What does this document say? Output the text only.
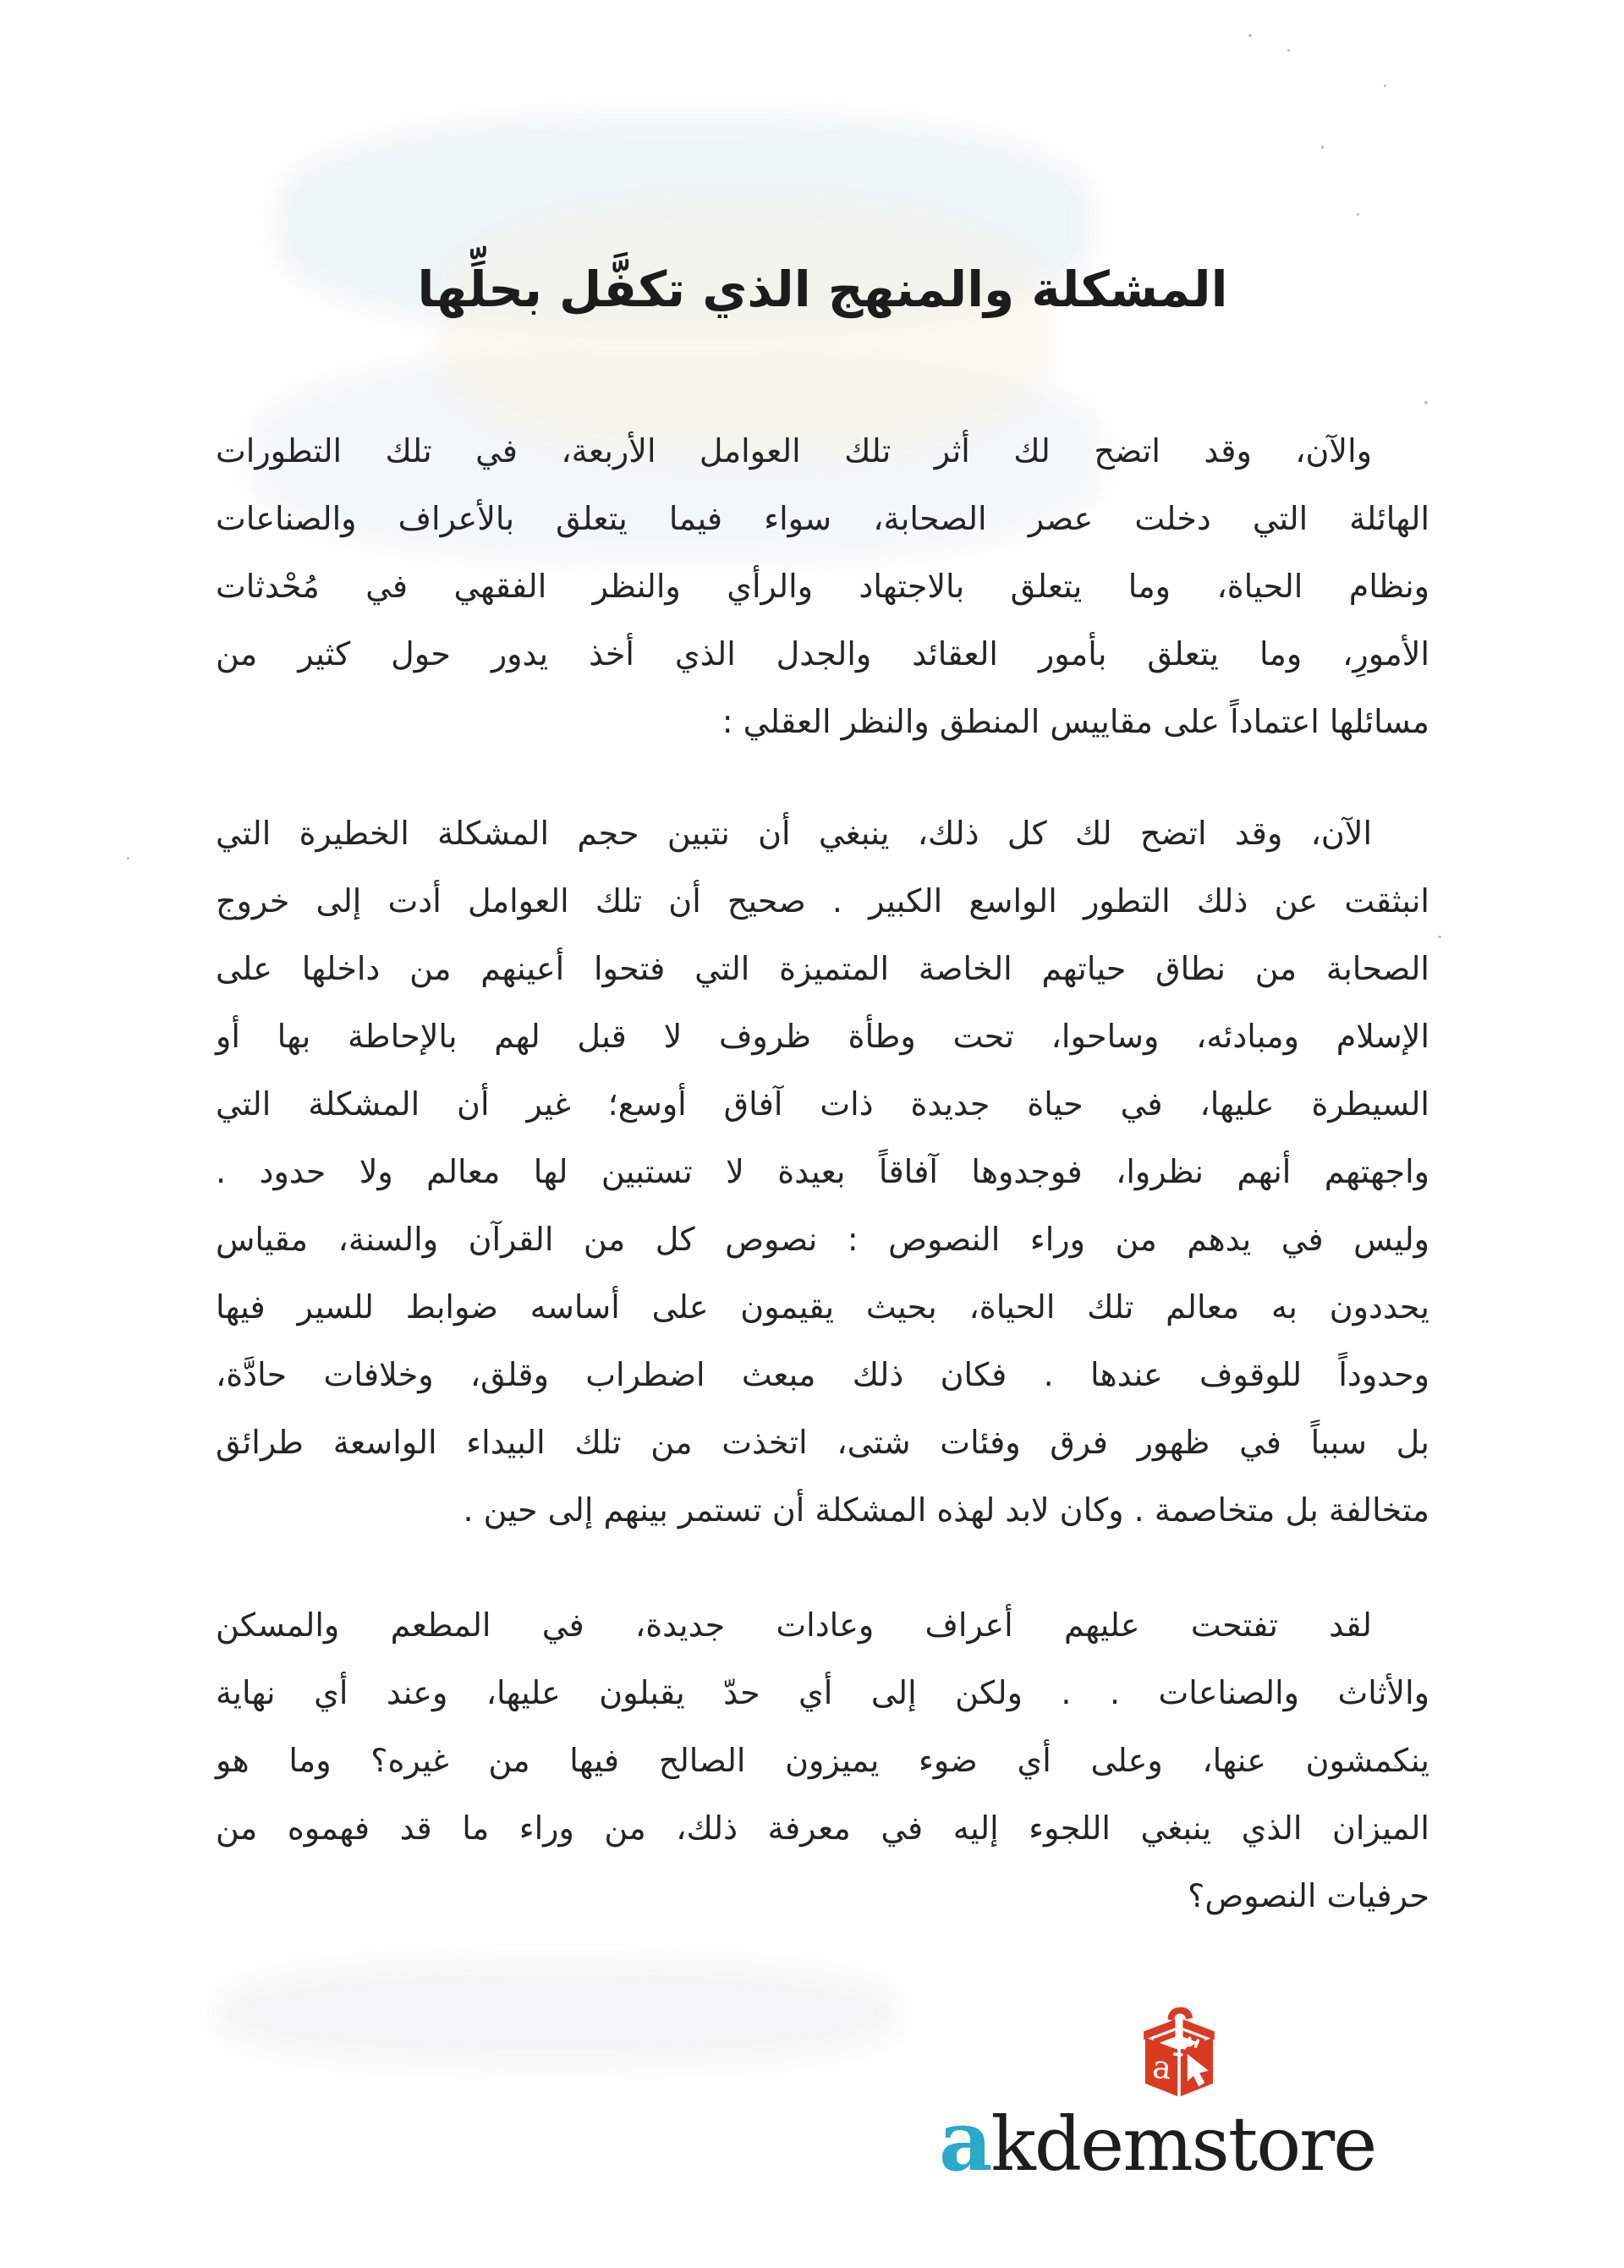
المشكلة والمنهج الذي تكفَّل بحلِّها
والآن، وقد اتضح لك أثر تلك العوامل الأربعة، في تلك التطورات
الهائلة التي دخلت عصر الصحابة، سواء فيما يتعلق بالأعراف والصناعات
ونظام الحياة، وما يتعلق بالاجتهاد والرأي والنظر الفقهي في مُحْدثات
الأمورِ، وما يتعلق بأمور العقائد والجدل الذي أخذ يدور حول كثير من
مسائلها اعتماداً على مقاييس المنطق والنظر العقلي :
الآن، وقد اتضح لك كل ذلك، ينبغي أن نتبين حجم المشكلة الخطيرة التي
انبثقت عن ذلك التطور الواسع الكبير . صحيح أن تلك العوامل أدت إلى خروج
الصحابة من نطاق حياتهم الخاصة المتميزة التي فتحوا أعينهم من داخلها على
الإسلام ومبادئه، وساحوا، تحت وطأة ظروف لا قبل لهم بالإحاطة بها أو
السيطرة عليها، في حياة جديدة ذات آفاق أوسع؛ غير أن المشكلة التي
واجهتهم أنهم نظروا، فوجدوها آفاقاً بعيدة لا تستبين لها معالم ولا حدود .
وليس في يدهم من وراء النصوص : نصوص كل من القرآن والسنة، مقياس
يحددون به معالم تلك الحياة، بحيث يقيمون على أساسه ضوابط للسير فيها
وحدوداً للوقوف عندها . فكان ذلك مبعث اضطراب وقلق، وخلافات حادَّة،
بل سبباً في ظهور فرق وفئات شتى، اتخذت من تلك البيداء الواسعة طرائق
متخالفة بل متخاصمة . وكان لابد لهذه المشكلة أن تستمر بينهم إلى حين .
لقد تفتحت عليهم أعراف وعادات جديدة، في المطعم والمسكن
والأثاث والصناعات . . ولكن إلى أي حدّ يقبلون عليها، وعند أي نهاية
ينكمشون عنها، وعلى أي ضوء يميزون الصالح فيها من غيره؟ وما هو
الميزان الذي ينبغي اللجوء إليه في معرفة ذلك، من وراء ما قد فهموه من
حرفيات النصوص؟
a
akdemstore
